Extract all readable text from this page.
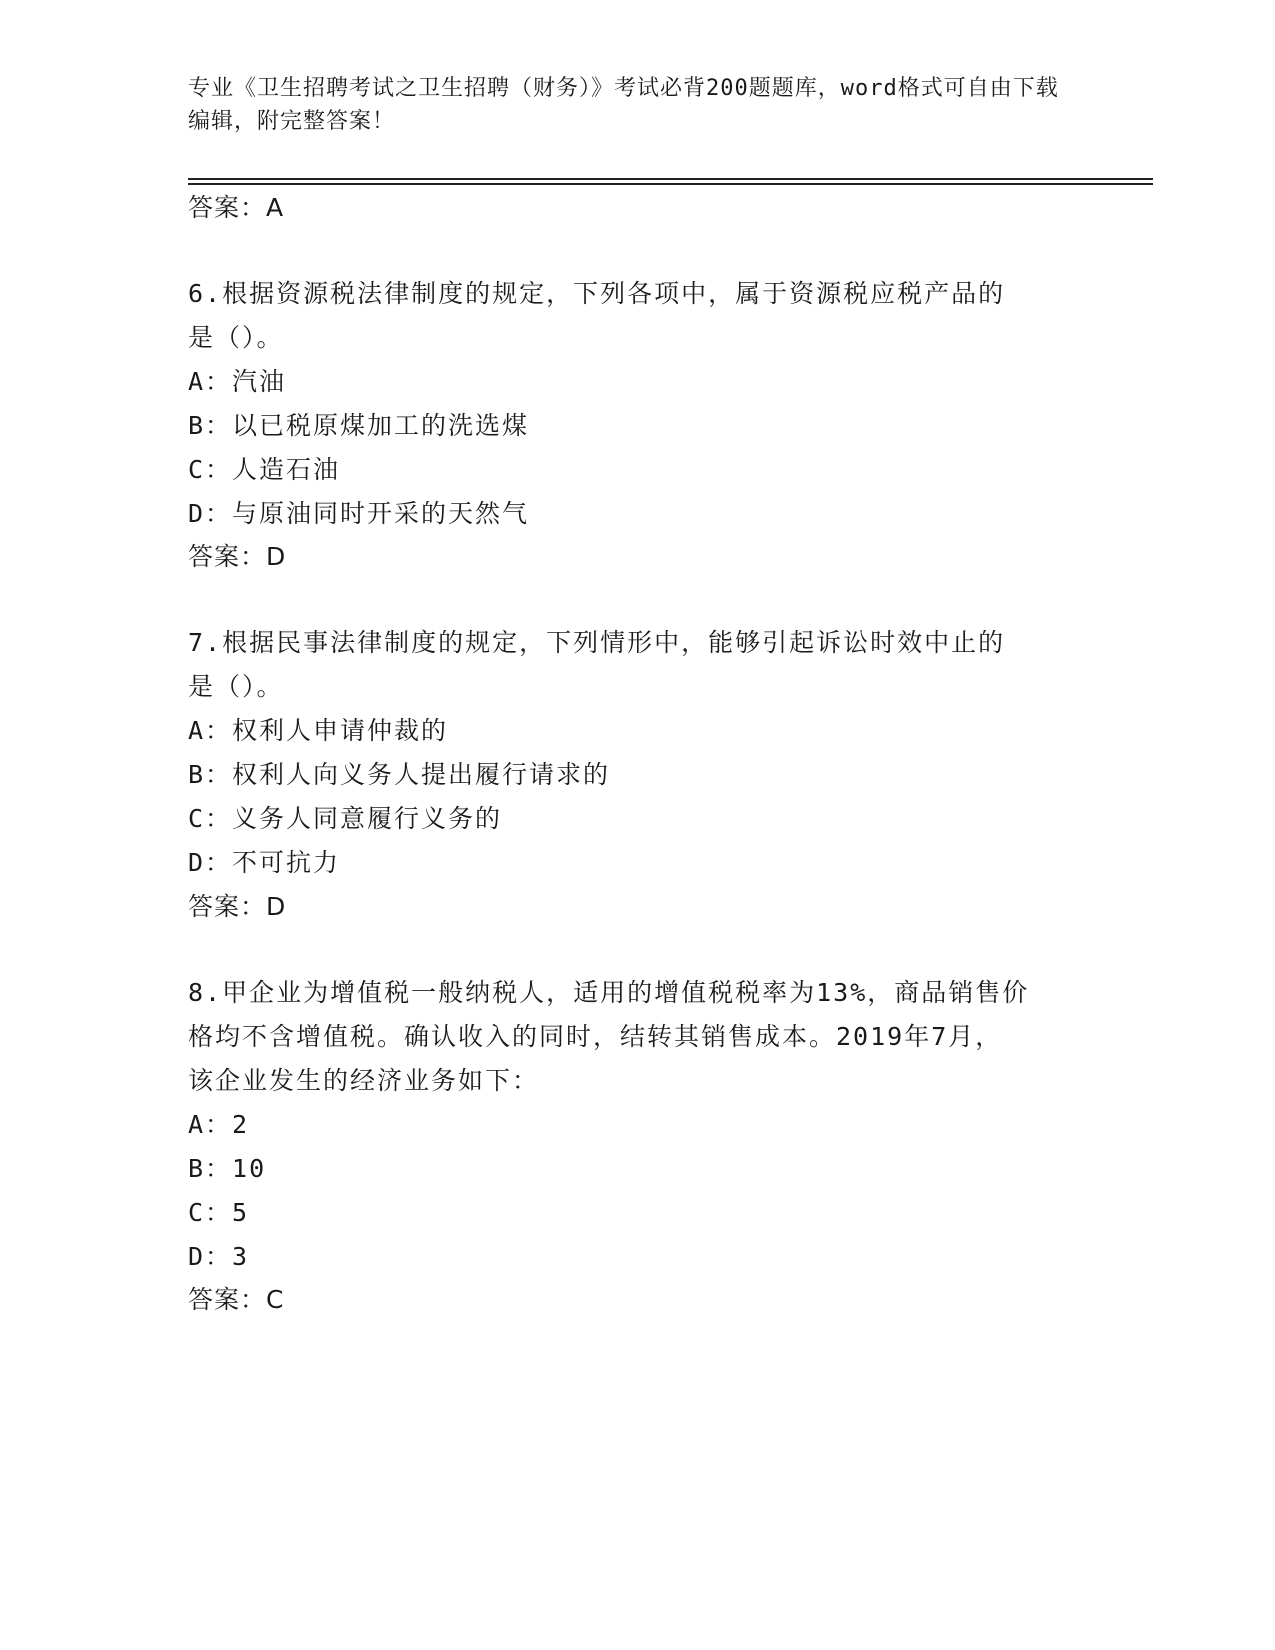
专业《卫生招聘考试之卫生招聘（财务）》考试必背200题题库，word格式可自由下载编辑，附完整答案！
答案：A
6.根据资源税法律制度的规定，下列各项中，属于资源税应税产品的
是（）。
A：汽油
B：以已税原煤加工的洗选煤
C：人造石油
D：与原油同时开采的天然气
答案：D
7.根据民事法律制度的规定，下列情形中，能够引起诉讼时效中止的
是（）。
A：权利人申请仲裁的
B：权利人向义务人提出履行请求的
C：义务人同意履行义务的
D：不可抗力
答案：D
8.甲企业为增值税一般纳税人，适用的增值税税率为13%，商品销售价
格均不含增值税。确认收入的同时，结转其销售成本。2019年7月，
该企业发生的经济业务如下：
A：2
B：10
C：5
D：3
答案：C
